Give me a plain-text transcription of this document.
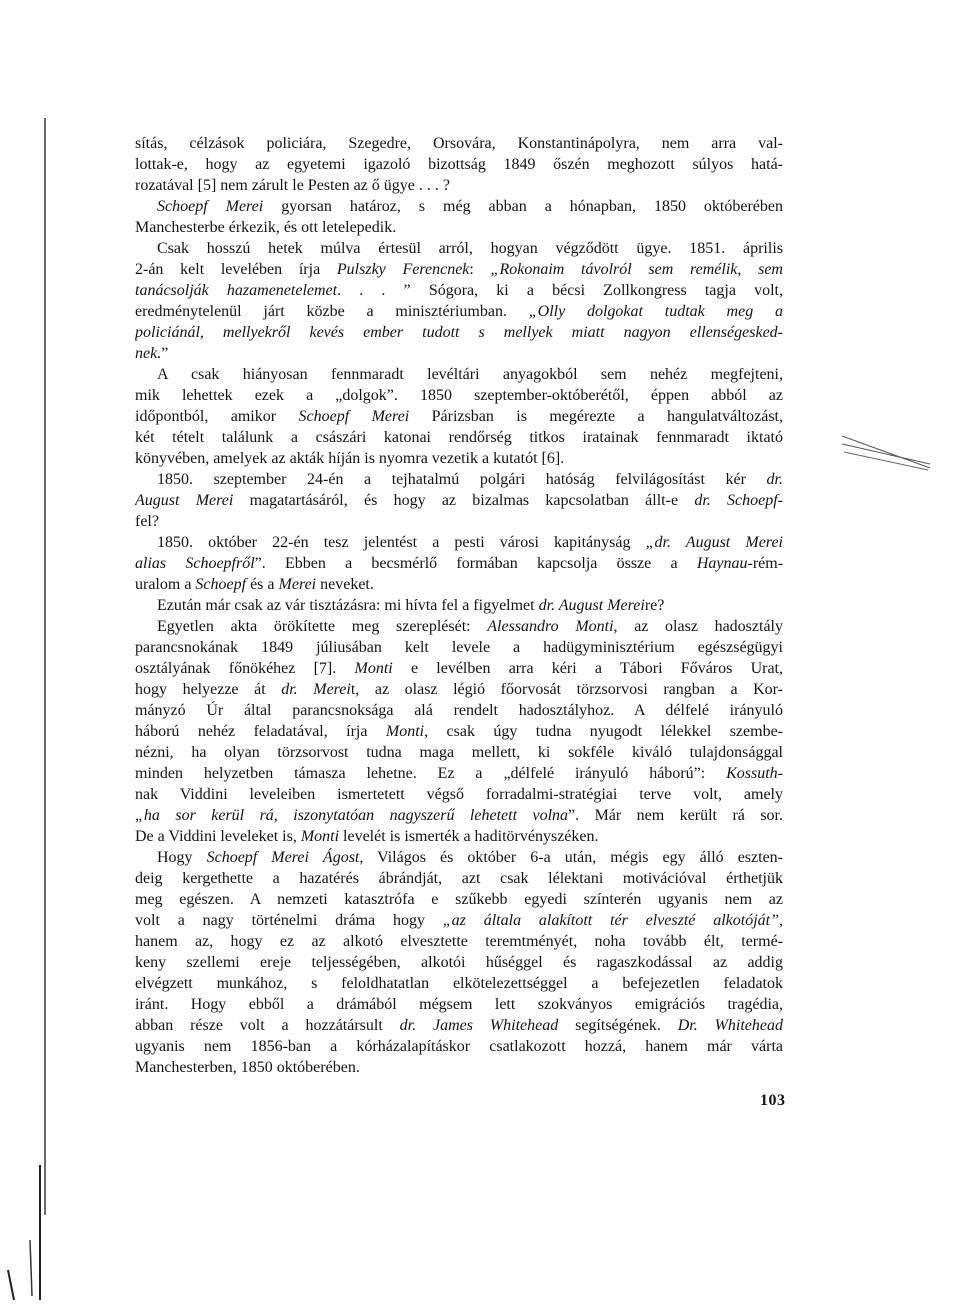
sítás, célzások policiára, Szegedre, Orsovára, Konstantinápolyra, nem arra val-
lottak-e, hogy az egyetemi igazoló bizottság 1849 őszén meghozott súlyos hatá-
rozatával [5] nem zárult le Pesten az ő ügye . . . ?
Schoepf Merei gyorsan határoz, s még abban a hónapban, 1850 októberében
Manchesterbe érkezik, és ott letelepedik.
Csak hosszú hetek múlva értesül arról, hogyan végződött ügye. 1851. április
2-án kelt levelében írja Pulszky Ferencnek: „Rokonaim távolról sem remélik, sem
tanácsolják hazamenetelemet. . . ” Sógora, ki a bécsi Zollkongress tagja volt,
eredménytelenül járt közbe a minisztériumban. „Olly dolgokat tudtak meg a
policiánál, mellyekről kevés ember tudott s mellyek miatt nagyon ellenségesked-
nek.”
A csak hiányosan fennmaradt levéltári anyagokból sem nehéz megfejteni,
mik lehettek ezek a „dolgok”. 1850 szeptember-októberétől, éppen abból az
időpontból, amikor Schoepf Merei Párizsban is megérezte a hangulatváltozást,
két tételt találunk a császári katonai rendőrség titkos iratainak fennmaradt iktató
könyvében, amelyek az akták híján is nyomra vezetik a kutatót [6].
1850. szeptember 24-én a tejhatalmú polgári hatóság felvilágosítást kér dr.
August Merei magatartásáról, és hogy az bizalmas kapcsolatban állt-e dr. Schoepf-
fel?
1850. október 22-én tesz jelentést a pesti városi kapitányság „dr. August Merei
alias Schoepfről”. Ebben a becsmérlő formában kapcsolja össze a Haynau-rém-
uralom a Schoepf és a Merei neveket.
Ezután már csak az vár tisztázásra: mi hívta fel a figyelmet dr. August Mereire?
Egyetlen akta örökítette meg szereplését: Alessandro Monti, az olasz hadosztály
parancsnokának 1849 júliusában kelt levele a hadügyminisztérium egészségügyi
osztályának főnökéhez [7]. Monti e levélben arra kéri a Tábori Főváros Urat,
hogy helyezze át dr. Mereit, az olasz légió főorvosát törzsorvosi rangban a Kor-
mányzó Úr által parancsnoksága alá rendelt hadosztályhoz. A délfelé irányuló
háború nehéz feladatával, írja Monti, csak úgy tudna nyugodt lélekkel szembe-
nézni, ha olyan törzsorvost tudna maga mellett, ki sokféle kiváló tulajdonsággal
minden helyzetben támasza lehetne. Ez a „délfelé irányuló háború”: Kossuth-
nak Viddini leveleiben ismertetett végső forradalmi-stratégiai terve volt, amely
„ha sor kerül rá, iszonytatóan nagyszerű lehetett volna”. Már nem került rá sor.
De a Viddini leveleket is, Monti levelét is ismerték a haditörvényszéken.
Hogy Schoepf Merei Ágost, Világos és október 6-a után, mégis egy álló eszten-
deig kergethette a hazatérés ábrándját, azt csak lélektani motivációval érthetjük
meg egészen. A nemzeti katasztrófa e szűkebb egyedi színterén ugyanis nem az
volt a nagy történelmi dráma hogy „az általa alakított tér elveszté alkotóját”,
hanem az, hogy ez az alkotó elvesztette teremtményét, noha tovább élt, termé-
keny szellemi ereje teljességében, alkotói hűséggel és ragaszkodással az addig
elvégzett munkához, s feloldhatatlan elkötelezettséggel a befejezetlen feladatok
iránt. Hogy ebből a drámából mégsem lett szokványos emigrációs tragédia,
abban része volt a hozzátársult dr. James Whitehead segítségének. Dr. Whitehead
ugyanis nem 1856-ban a kórházalapításkor csatlakozott hozzá, hanem már várta
Manchesterben, 1850 októberében.
103
